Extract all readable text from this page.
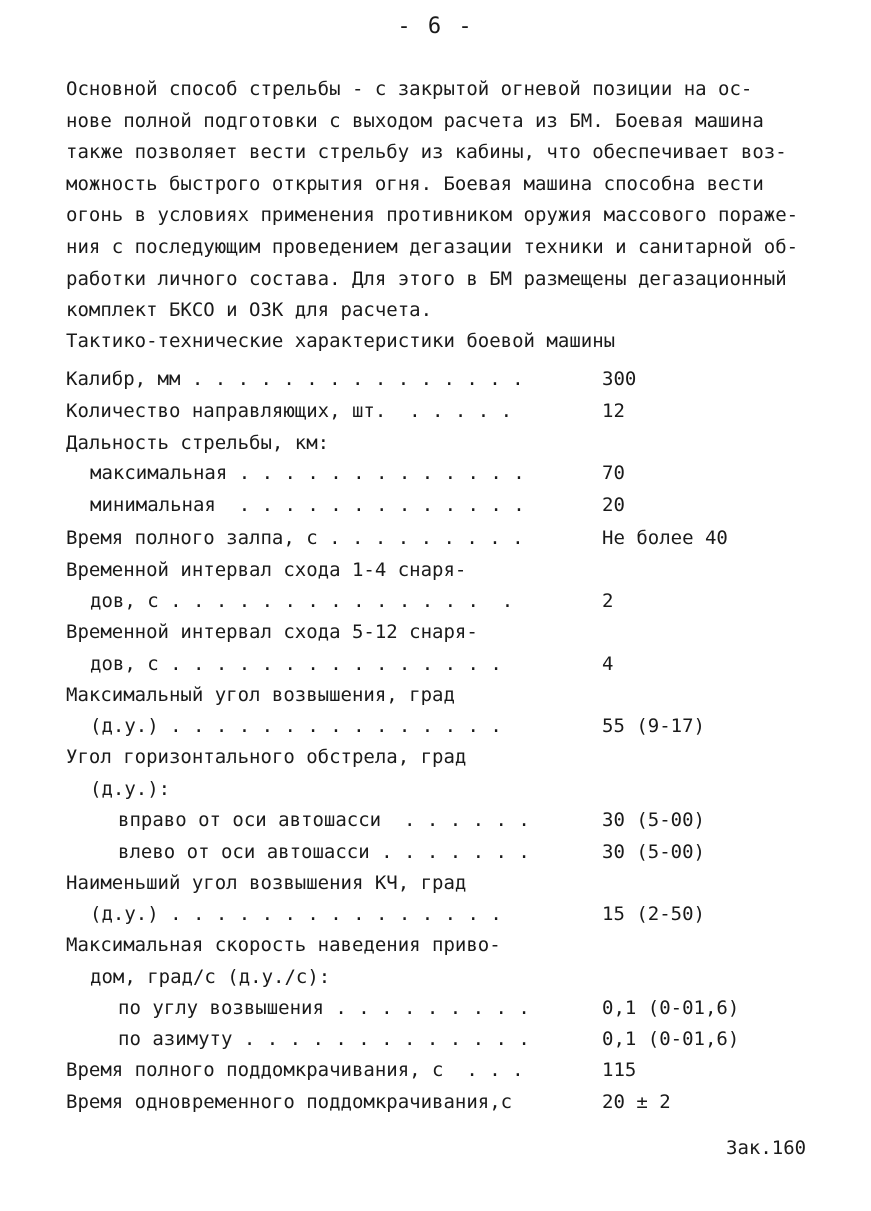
- 6 -
Основной способ стрельбы - с закрытой огневой позиции на ос-
нове полной подготовки с выходом расчета из БМ. Боевая машина
также позволяет вести стрельбу из кабины, что обеспечивает воз-
можность быстрого открытия огня. Боевая машина способна вести
огонь в условиях применения противником оружия массового пораже-
ния с последующим проведением дегазации техники и санитарной об-
работки личного состава. Для этого в БМ размещены дегазационный
комплект БКСО и ОЗК для расчета.
Тактико-технические характеристики боевой машины

Калибр, мм . . . . . . . . . . . . . . .

	300

Количество направляющих, шт.  . . . . .

	12

Дальность стрельбы, км:

максимальная . . . . . . . . . . . . .

	70

минимальная  . . . . . . . . . . . . .

	20

Время полного залпа, с . . . . . . . . .

	Не более 40

Временной интервал схода 1-4 снаря-

дов, с . . . . . . . . . . . . . .  .

	2

Временной интервал схода 5-12 снаря-

дов, с . . . . . . . . . . . . . . .

	4

Максимальный угол возвышения, град

(д.у.) . . . . . . . . . . . . . . .

	55 (9-17)

Угол горизонтального обстрела, град

(д.у.):

вправо от оси автошасси  . . . . . .

	30 (5-00)

влево от оси автошасси . . . . . . .

	30 (5-00)

Наименьший угол возвышения КЧ, град

(д.у.) . . . . . . . . . . . . . . .

	15 (2-50)

Максимальная скорость наведения приво-

дом, град/с (д.у./с):

по углу возвышения . . . . . . . . .

	0,1 (0-01,6)

по азимуту . . . . . . . . . . . . .

	0,1 (0-01,6)

Время полного поддомкрачивания, с  . . .

	115

Время одновременного поддомкрачивания,с

	20 ± 2

Зак.160
